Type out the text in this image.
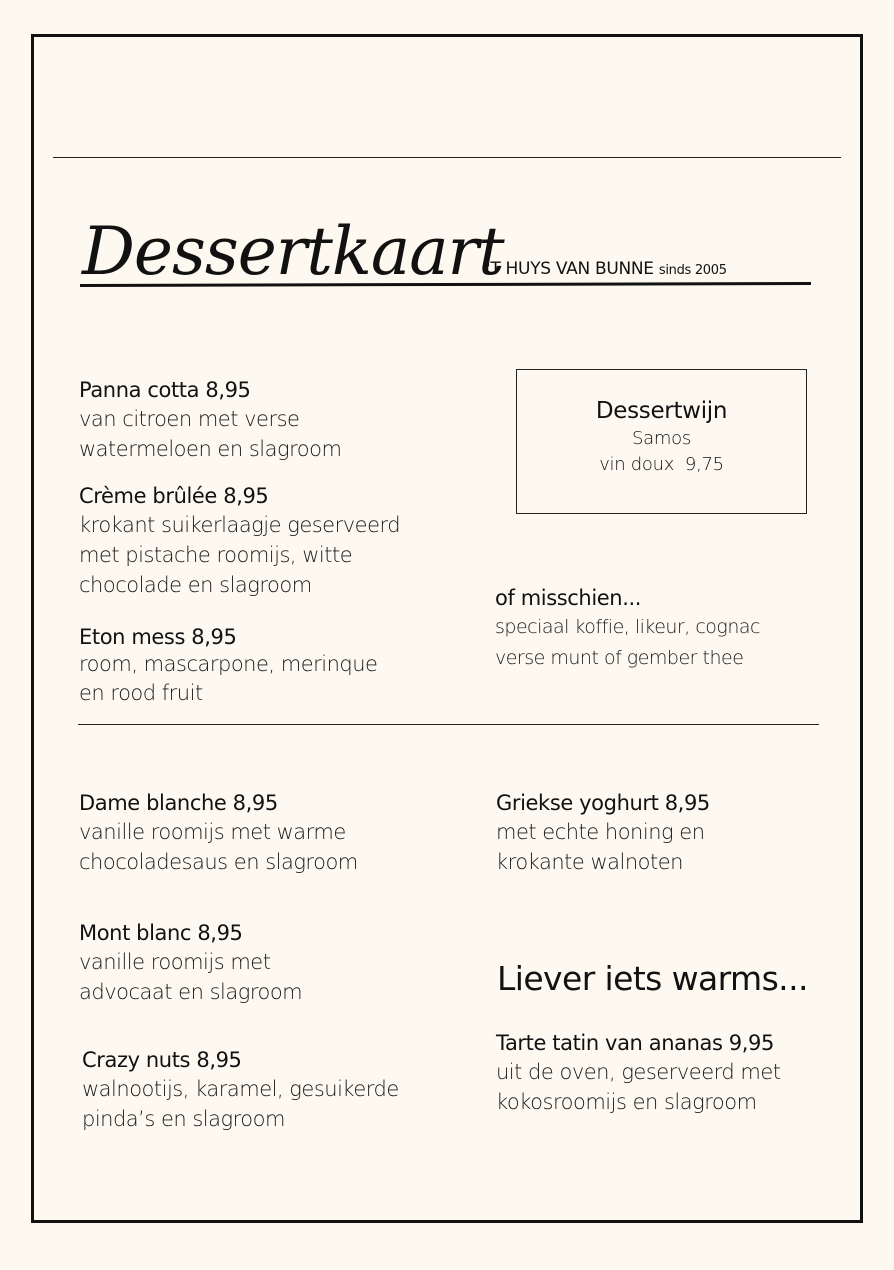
Dessertkaart
'T HUYS VAN BUNNE sinds 2005
Panna cotta 8,95
van citroen met verse
watermeloen en slagroom
Crème brûlée 8,95
krokant suikerlaagje geserveerd
met pistache roomijs, witte
chocolade en slagroom
Eton mess 8,95
room, mascarpone, merinque
en rood fruit
Dessertwijn
Samos
vin doux  9,75
of misschien...
speciaal koffie, likeur, cognac
verse munt of gember thee
Dame blanche 8,95
vanille roomijs met warme
chocoladesaus en slagroom
Mont blanc 8,95
vanille roomijs met
advocaat en slagroom
Crazy nuts 8,95
walnootijs, karamel, gesuikerde
pinda’s en slagroom
Griekse yoghurt 8,95
met echte honing en
krokante walnoten
Liever iets warms...
Tarte tatin van ananas 9,95
uit de oven, geserveerd met
kokosroomijs en slagroom
